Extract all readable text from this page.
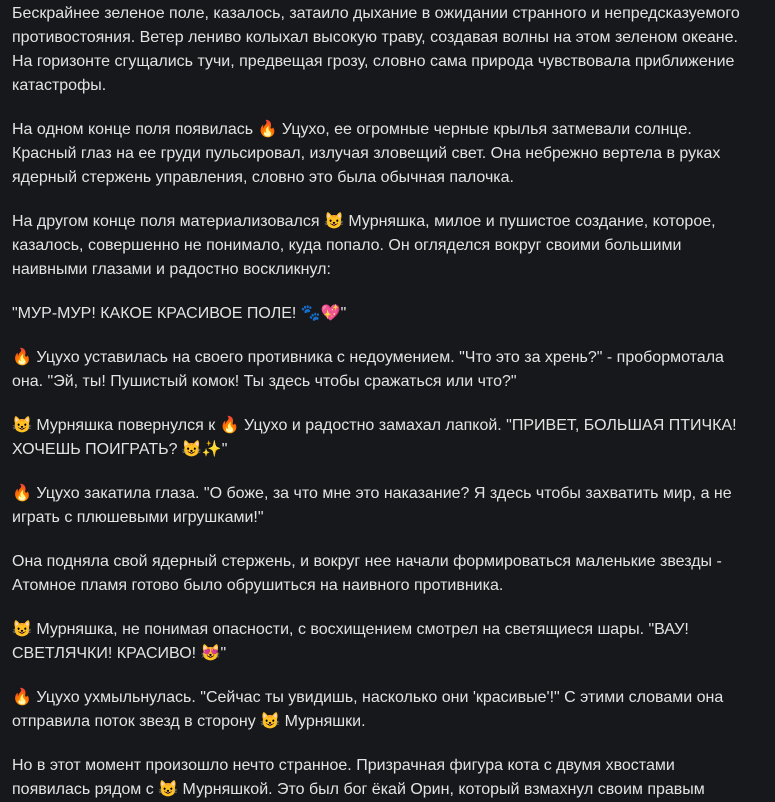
Бескрайнее зеленое поле, казалось, затаило дыхание в ожидании странного и непредсказуемого противостояния. Ветер лениво колыхал высокую траву, создавая волны на этом зеленом океане. На горизонте сгущались тучи, предвещая грозу, словно сама природа чувствовала приближение катастрофы.

На одном конце поля появилась 🔥 Уцухо, ее огромные черные крылья затмевали солнце. Красный глаз на ее груди пульсировал, излучая зловещий свет. Она небрежно вертела в руках ядерный стержень управления, словно это была обычная палочка.

На другом конце поля материализовался 😺 Мурняшка, милое и пушистое создание, которое, казалось, совершенно не понимало, куда попало. Он огляделся вокруг своими большими наивными глазами и радостно воскликнул:

"МУР-МУР! КАКОЕ КРАСИВОЕ ПОЛЕ! 🐾💖"

🔥 Уцухо уставилась на своего противника с недоумением. "Что это за хрень?" - пробормотала она. "Эй, ты! Пушистый комок! Ты здесь чтобы сражаться или что?"

😺 Мурняшка повернулся к 🔥 Уцухо и радостно замахал лапкой. "ПРИВЕТ, БОЛЬШАЯ ПТИЧКА! ХОЧЕШЬ ПОИГРАТЬ? 😺✨"

🔥 Уцухо закатила глаза. "О боже, за что мне это наказание? Я здесь чтобы захватить мир, а не играть с плюшевыми игрушками!"

Она подняла свой ядерный стержень, и вокруг нее начали формироваться маленькие звезды - Атомное пламя готово было обрушиться на наивного противника.

😺 Мурняшка, не понимая опасности, с восхищением смотрел на светящиеся шары. "ВАУ! СВЕТЛЯЧКИ! КРАСИВО! 😻"

🔥 Уцухо ухмыльнулась. "Сейчас ты увидишь, насколько они 'красивые'!" С этими словами она отправила поток звезд в сторону 😺 Мурняшки.

Но в этот момент произошло нечто странное. Призрачная фигура кота с двумя хвостами появилась рядом с 😺 Мурняшкой. Это был бог ёкай Орин, который взмахнул своим правым
